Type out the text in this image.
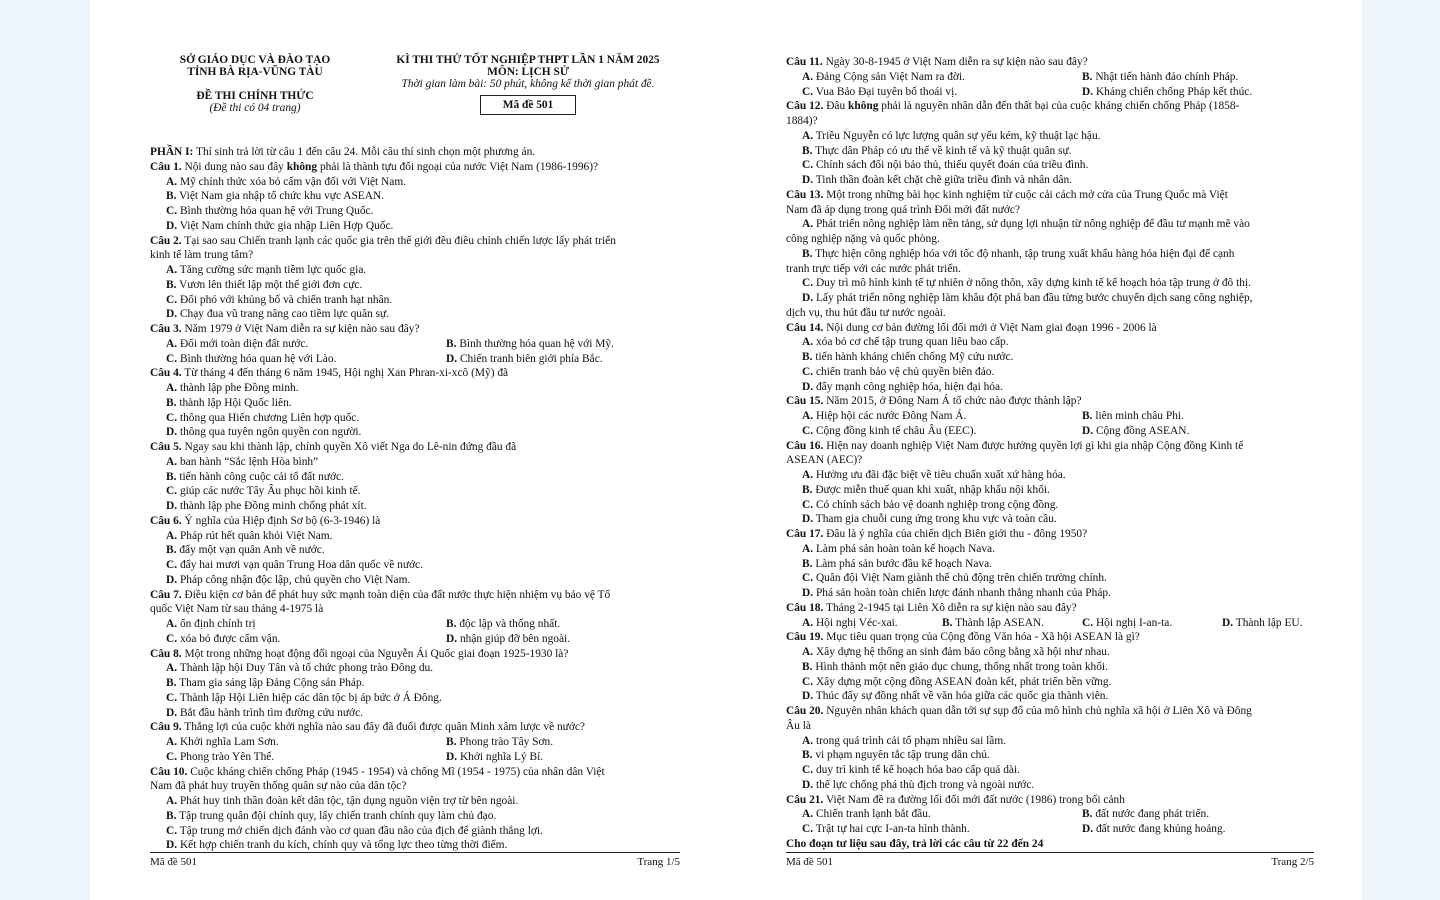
SỞ GIÁO DỤC VÀ ĐÀO TẠO
TỈNH BÀ RỊA-VŨNG TÀU
ĐỀ THI CHÍNH THỨC
(Đề thi có 04 trang)
KÌ THI THỬ TỐT NGHIỆP THPT LẦN 1 NĂM 2025
MÔN: LỊCH SỬ
Thời gian làm bài: 50 phút, không kể thời gian phát đề.
Mã đề 501
PHẦN I: Thí sinh trả lời từ câu 1 đến câu 24. Mỗi câu thí sinh chọn một phương án.
Câu 1. Nội dung nào sau đây không phải là thành tựu đối ngoại của nước Việt Nam (1986-1996)?
A. Mỹ chính thức xóa bỏ cấm vận đối với Việt Nam.
B. Việt Nam gia nhập tổ chức khu vực ASEAN.
C. Bình thường hóa quan hệ với Trung Quốc.
D. Việt Nam chính thức gia nhập Liên Hợp Quốc.
Câu 2. Tại sao sau Chiến tranh lạnh các quốc gia trên thế giới đều điều chỉnh chiến lược lấy phát triển
kinh tế làm trung tâm?
A. Tăng cường sức mạnh tiềm lực quốc gia.
B. Vươn lên thiết lập một thế giới đơn cực.
C. Đối phó với khủng bố và chiến tranh hạt nhân.
D. Chạy đua vũ trang nâng cao tiềm lực quân sự.
Câu 3. Năm 1979 ở Việt Nam diễn ra sự kiện nào sau đây?
A. Đổi mới toàn diện đất nước.	B. Bình thường hóa quan hệ với Mỹ.
C. Bình thường hóa quan hệ với Lào.	D. Chiến tranh biên giới phía Bắc.
Câu 4. Từ tháng 4 đến tháng 6 năm 1945, Hội nghị Xan Phran-xi-xcô (Mỹ) đã
A. thành lập phe Đồng minh.
B. thành lập Hội Quốc liên.
C. thông qua Hiến chương Liên hợp quốc.
D. thông qua tuyên ngôn quyền con người.
Câu 5. Ngay sau khi thành lập, chính quyền Xô viết Nga do Lê-nin đứng đầu đã
A. ban hành “Sắc lệnh Hòa bình”
B. tiến hành công cuộc cải tổ đất nước.
C. giúp các nước Tây Âu phục hồi kinh tế.
D. thành lập phe Đồng minh chống phát xít.
Câu 6. Ý nghĩa của Hiệp định Sơ bộ (6-3-1946) là
A. Pháp rút hết quân khỏi Việt Nam.
B. đẩy một vạn quân Anh về nước.
C. đẩy hai mươi vạn quân Trung Hoa dân quốc về nước.
D. Pháp công nhận độc lập, chủ quyền cho Việt Nam.
Câu 7. Điều kiện cơ bản để phát huy sức mạnh toàn diện của đất nước thực hiện nhiệm vụ bảo vệ Tổ
quốc Việt Nam từ sau tháng 4-1975 là
A. ổn định chính trị	B. độc lập và thống nhất.
C. xóa bỏ được cấm vận.	D. nhận giúp đỡ bên ngoài.
Câu 8. Một trong những hoạt động đối ngoại của Nguyễn Ái Quốc giai đoạn 1925-1930 là?
A. Thành lập hội Duy Tân và tổ chức phong trào Đông du.
B. Tham gia sáng lập Đảng Cộng sản Pháp.
C. Thành lập Hội Liên hiệp các dân tộc bị áp bức ở Á Đông.
D. Bắt đầu hành trình tìm đường cứu nước.
Câu 9. Thắng lợi của cuộc khởi nghĩa nào sau đây đã đuổi được quân Minh xâm lược về nước?
A. Khởi nghĩa Lam Sơn.	B. Phong trào Tây Sơn.
C. Phong trào Yên Thế.	D. Khởi nghĩa Lý Bí.
Câu 10. Cuộc kháng chiến chống Pháp (1945 - 1954) và chống Mĩ (1954 - 1975) của nhân dân Việt
Nam đã phát huy truyền thống quân sự nào của dân tộc?
A. Phát huy tinh thần đoàn kết dân tộc, tận dụng nguồn viện trợ từ bên ngoài.
B. Tập trung quân đội chính quy, lấy chiến tranh chính quy làm chủ đạo.
C. Tập trung mở chiến dịch đánh vào cơ quan đầu não của địch để giành thắng lợi.
D. Kết hợp chiến tranh du kích, chính quy và tổng lực theo từng thời điểm.
Mã đề 501	Trang 1/5
Câu 11. Ngày 30-8-1945 ở Việt Nam diễn ra sự kiện nào sau đây?
A. Đảng Cộng sản Việt Nam ra đời.	B. Nhật tiến hành đảo chính Pháp.
C. Vua Bảo Đại tuyên bố thoái vị.	D. Kháng chiến chống Pháp kết thúc.
Câu 12. Đâu không phải là nguyên nhân dẫn đến thất bại của cuộc kháng chiến chống Pháp (1858-
1884)?
A. Triều Nguyễn có lực lượng quân sự yếu kém, kỹ thuật lạc hậu.
B. Thực dân Pháp có ưu thế về kinh tế và kỹ thuật quân sự.
C. Chính sách đối nội bảo thủ, thiếu quyết đoán của triều đình.
D. Tinh thần đoàn kết chặt chẽ giữa triều đình và nhân dân.
Câu 13. Một trong những bài học kinh nghiệm từ cuộc cải cách mở cửa của Trung Quốc mà Việt
Nam đã áp dụng trong quá trình Đổi mới đất nước?
A. Phát triển nông nghiệp làm nền tảng, sử dụng lợi nhuận từ nông nghiệp để đầu tư mạnh mẽ vào
công nghiệp nặng và quốc phòng.
B. Thực hiện công nghiệp hóa với tốc độ nhanh, tập trung xuất khẩu hàng hóa hiện đại để cạnh
tranh trực tiếp với các nước phát triển.
C. Duy trì mô hình kinh tế tự nhiên ở nông thôn, xây dựng kinh tế kế hoạch hóa tập trung ở đô thị.
D. Lấy phát triển nông nghiệp làm khâu đột phá ban đầu từng bước chuyển dịch sang công nghiệp,
dịch vụ, thu hút đầu tư nước ngoài.
Câu 14. Nội dung cơ bản đường lối đổi mới ở Việt Nam giai đoạn 1996 - 2006 là
A. xóa bỏ cơ chế tập trung quan liêu bao cấp.
B. tiến hành kháng chiến chống Mỹ cứu nước.
C. chiến tranh bảo vệ chủ quyền biên đảo.
D. đẩy mạnh công nghiệp hóa, hiện đại hóa.
Câu 15. Năm 2015, ở Đông Nam Á tổ chức nào được thành lập?
A. Hiệp hội các nước Đông Nam Á.	B. liên minh châu Phi.
C. Cộng đồng kinh tế châu Âu (EEC).	D. Cộng đồng ASEAN.
Câu 16. Hiện nay doanh nghiệp Việt Nam được hưởng quyền lợi gì khi gia nhập Cộng đồng Kinh tế
ASEAN (AEC)?
A. Hưởng ưu đãi đặc biệt về tiêu chuẩn xuất xứ hàng hóa.
B. Được miễn thuế quan khi xuất, nhập khẩu nội khối.
C. Có chính sách bảo vệ doanh nghiệp trong cộng đồng.
D. Tham gia chuỗi cung ứng trong khu vực và toàn cầu.
Câu 17. Đâu là ý nghĩa của chiến dịch Biên giới thu - đông 1950?
A. Làm phá sản hoàn toàn kế hoạch Nava.
B. Làm phá sản bước đầu kế hoạch Nava.
C. Quân đội Việt Nam giành thế chủ động trên chiến trường chính.
D. Phá sản hoàn toàn chiến lược đánh nhanh thắng nhanh của Pháp.
Câu 18. Tháng 2-1945 tại Liên Xô diễn ra sự kiện nào sau đây?
A. Hội nghị Véc-xai.	B. Thành lập ASEAN.	C. Hội nghị I-an-ta.	D. Thành lập EU.
Câu 19. Mục tiêu quan trọng của Cộng đồng Văn hóa - Xã hội ASEAN là gì?
A. Xây dựng hệ thống an sinh đảm bảo công bằng xã hội như nhau.
B. Hình thành một nền giáo dục chung, thống nhất trong toàn khối.
C. Xây dựng một cộng đồng ASEAN đoàn kết, phát triển bền vững.
D. Thúc đẩy sự đồng nhất về văn hóa giữa các quốc gia thành viên.
Câu 20. Nguyên nhân khách quan dẫn tới sự sụp đổ của mô hình chủ nghĩa xã hội ở Liên Xô và Đông
Âu là
A. trong quá trình cải tổ phạm nhiều sai lầm.
B. vi phạm nguyên tắc tập trung dân chủ.
C. duy trì kinh tế kế hoạch hóa bao cấp quá dài.
D. thế lực chống phá thù địch trong và ngoài nước.
Câu 21. Việt Nam đề ra đường lối đổi mới đất nước (1986) trong bối cảnh
A. Chiến tranh lạnh bắt đầu.	B. đất nước đang phát triển.
C. Trật tự hai cực I-an-ta hình thành.	D. đất nước đang khủng hoảng.
Cho đoạn tư liệu sau đây, trả lời các câu từ 22 đến 24
Mã đề 501	Trang 2/5
